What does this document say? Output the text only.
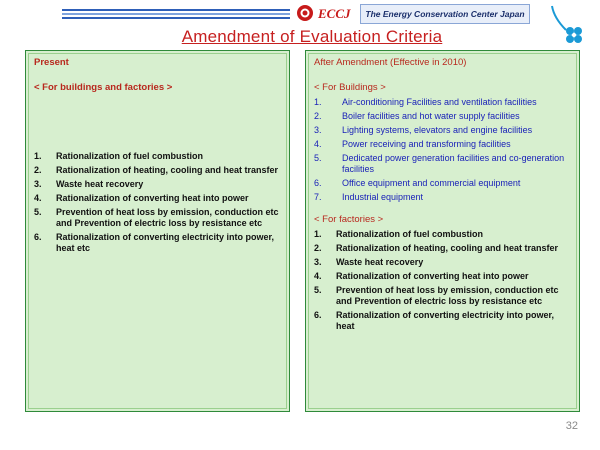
ECCJ The Energy Conservation Center Japan
Amendment of Evaluation Criteria
Present
< For buildings and factories >
1.	Rationalization of fuel combustion
2.	Rationalization of heating, cooling and heat transfer
3.	Waste heat recovery
4.	Rationalization of converting heat into power
5.	Prevention of heat loss by emission, conduction etc and Prevention of electric loss by resistance etc
6.	Rationalization of converting electricity into power, heat etc
After Amendment (Effective in 2010)
< For Buildings >
1.	Air-conditioning Facilities and ventilation facilities
2.	Boiler facilities and hot water supply facilities
3.	Lighting systems, elevators and engine facilities
4.	Power receiving and transforming facilities
5.	Dedicated power generation facilities and co-generation facilities
6.	Office equipment and commercial equipment
7.	Industrial equipment
< For factories >
1.	Rationalization of fuel combustion
2.	Rationalization of heating, cooling and heat transfer
3.	Waste heat recovery
4.	Rationalization of converting heat into power
5.	Prevention of heat loss by emission, conduction etc and Prevention of electric loss by resistance etc
6.	Rationalization of converting electricity into power, heat
32
